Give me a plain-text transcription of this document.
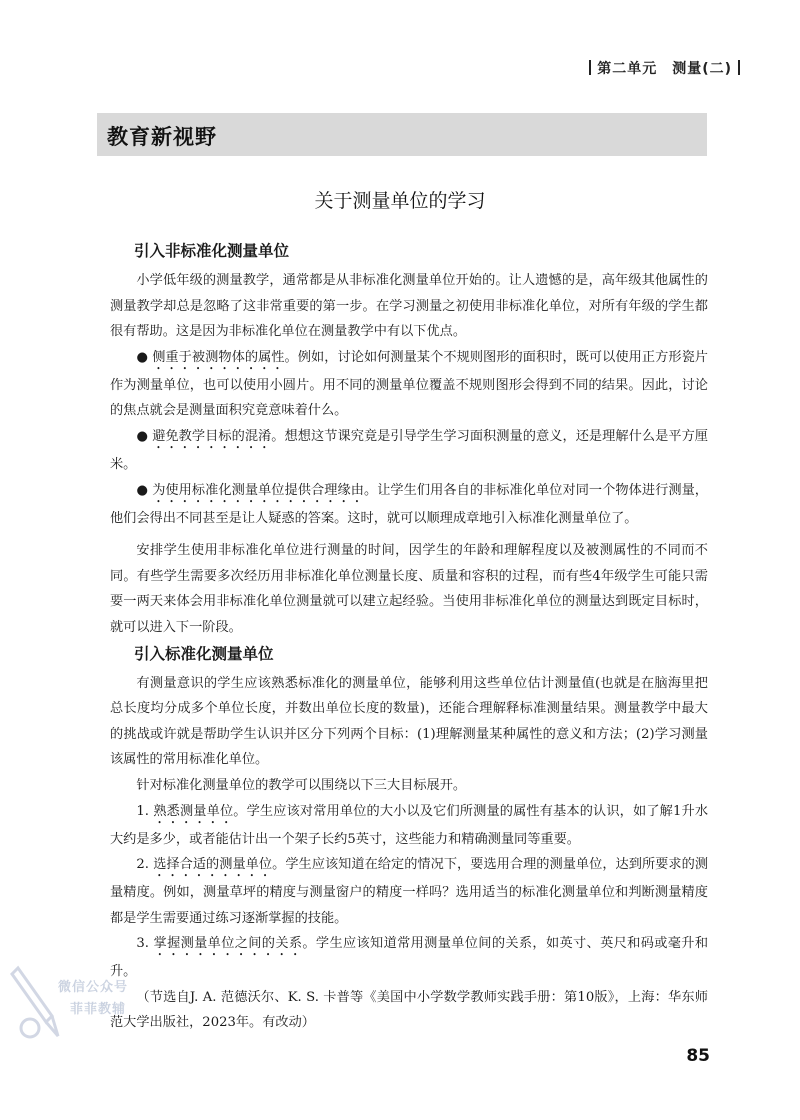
第二单元　测量(二)
教育新视野
关于测量单位的学习

引入非标准化测量单位

小学低年级的测量教学，通常都是从非标准化测量单位开始的。让人遗憾的是，高年级其他属性的测量教学却总是忽略了这非常重要的第一步。在学习测量之初使用非标准化单位，对所有年级的学生都很有帮助。这是因为非标准化单位在测量教学中有以下优点。

● 侧重于被测物体的属性。例如，讨论如何测量某个不规则图形的面积时，既可以使用正方形瓷片作为测量单位，也可以使用小圆片。用不同的测量单位覆盖不规则图形会得到不同的结果。因此，讨论的焦点就会是测量面积究竟意味着什么。

● 避免教学目标的混淆。想想这节课究竟是引导学生学习面积测量的意义，还是理解什么是平方厘米。

● 为使用标准化测量单位提供合理缘由。让学生们用各自的非标准化单位对同一个物体进行测量，他们会得出不同甚至是让人疑惑的答案。这时，就可以顺理成章地引入标准化测量单位了。

安排学生使用非标准化单位进行测量的时间，因学生的年龄和理解程度以及被测属性的不同而不同。有些学生需要多次经历用非标准化单位测量长度、质量和容积的过程，而有些4年级学生可能只需要一两天来体会用非标准化单位测量就可以建立起经验。当使用非标准化单位的测量达到既定目标时，就可以进入下一阶段。

引入标准化测量单位

有测量意识的学生应该熟悉标准化的测量单位，能够利用这些单位估计测量值(也就是在脑海里把总长度均分成多个单位长度，并数出单位长度的数量)，还能合理解释标准测量结果。测量教学中最大的挑战或许就是帮助学生认识并区分下列两个目标：(1)理解测量某种属性的意义和方法；(2)学习测量该属性的常用标准化单位。

针对标准化测量单位的教学可以围绕以下三大目标展开。

1. 熟悉测量单位。学生应该对常用单位的大小以及它们所测量的属性有基本的认识，如了解1升水大约是多少，或者能估计出一个架子长约5英寸，这些能力和精确测量同等重要。

2. 选择合适的测量单位。学生应该知道在给定的情况下，要选用合理的测量单位，达到所要求的测量精度。例如，测量草坪的精度与测量窗户的精度一样吗？选用适当的标准化测量单位和判断测量精度都是学生需要通过练习逐渐掌握的技能。

3. 掌握测量单位之间的关系。学生应该知道常用测量单位间的关系，如英寸、英尺和码或毫升和升。

（节选自J. A. 范德沃尔、K. S. 卡普等《美国中小学数学教师实践手册：第10版》，上海：华东师范大学出版社，2023年。有改动）

微信公众号
菲菲教辅
85
